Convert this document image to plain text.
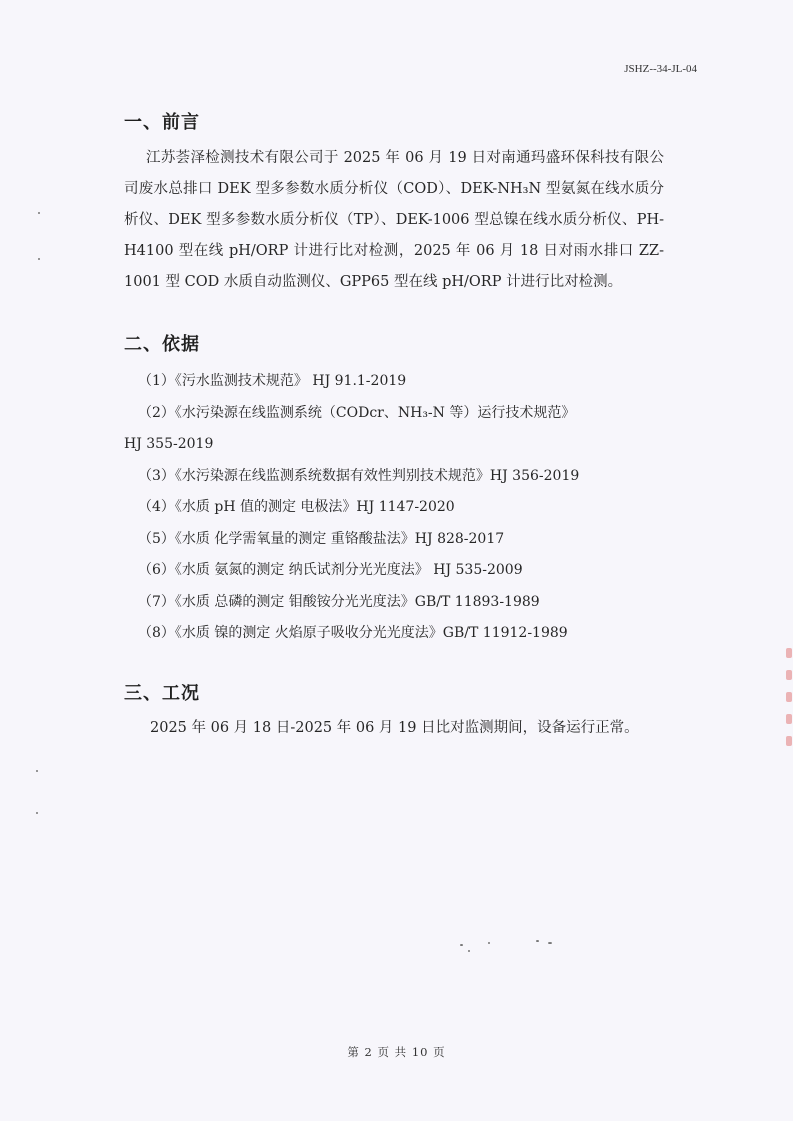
JSHZ--34-JL-04
一、前言
江苏荟泽检测技术有限公司于 2025 年 06 月 19 日对南通玛盛环保科技有限公司废水总排口 DEK 型多参数水质分析仪（COD）、DEK-NH₃N 型氨氮在线水质分析仪、DEK 型多参数水质分析仪（TP）、DEK-1006 型总镍在线水质分析仪、PH-H4100 型在线 pH/ORP 计进行比对检测，2025 年 06 月 18 日对雨水排口 ZZ-1001 型 COD 水质自动监测仪、GPP65 型在线 pH/ORP 计进行比对检测。
二、依据
（1）《污水监测技术规范》 HJ 91.1-2019
（2）《水污染源在线监测系统（CODcr、NH₃-N 等）运行技术规范》
HJ 355-2019
（3）《水污染源在线监测系统数据有效性判别技术规范》HJ 356-2019
（4）《水质 pH 值的测定 电极法》HJ 1147-2020
（5）《水质 化学需氧量的测定 重铬酸盐法》HJ 828-2017
（6）《水质 氨氮的测定 纳氏试剂分光光度法》 HJ 535-2009
（7）《水质 总磷的测定 钼酸铵分光光度法》GB/T 11893-1989
（8）《水质 镍的测定 火焰原子吸收分光光度法》GB/T 11912-1989
三、工况
2025 年 06 月 18 日-2025 年 06 月 19 日比对监测期间，设备运行正常。
第 2 页 共 10 页
